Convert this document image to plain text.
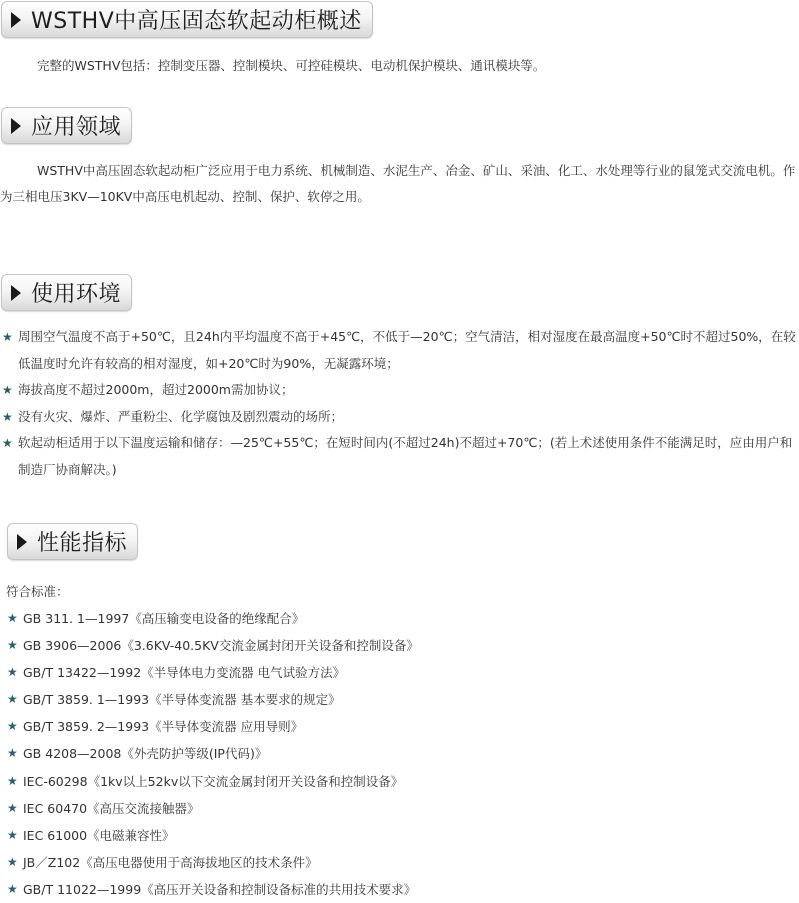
WSTHV中高压固态软起动柜概述

完整的WSTHV包括：控制变压器、控制模块、可控硅模块、电动机保护模块、通讯模块等。

应用领域

WSTHV中高压固态软起动柜广泛应用于电力系统、机械制造、水泥生产、冶金、矿山、采油、化工、水处理等行业的鼠笼式交流电机。作为三相电压3KV—10KV中高压电机起动、控制、保护、软停之用。

使用环境
★ 周围空气温度不高于+50℃，且24h内平均温度不高于+45℃，不低于—20℃；空气清洁，相对湿度在最高温度+50℃时不超过50%，在较低温度时允许有较高的相对湿度，如+20℃时为90%，无凝露环境；
★ 海拔高度不超过2000m，超过2000m需加协议；
★ 没有火灾、爆炸、严重粉尘、化学腐蚀及剧烈震动的场所；
★ 软起动柜适用于以下温度运输和储存：—25℃+55℃；在短时间内(不超过24h)不超过+70℃；(若上术述使用条件不能满足时，应由用户和制造厂协商解决。)
性能指标

符合标准：

★ GB 311. 1—1997《高压输变电设备的绝缘配合》
★ GB 3906—2006《3.6KV-40.5KV交流金属封闭开关设备和控制设备》
★ GB/T 13422—1992《半导体电力变流器 电气试验方法》
★ GB/T 3859. 1—1993《半导体变流器 基本要求的规定》
★ GB/T 3859. 2—1993《半导体变流器 应用导则》
★ GB 4208—2008《外壳防护等级(IP代码)》
★ IEC-60298《1kv以上52kv以下交流金属封闭开关设备和控制设备》
★ IEC 60470《高压交流接触器》
★ IEC 61000《电磁兼容性》
★ JB／Z102《高压电器使用于高海拔地区的技术条件》
★ GB/T 11022—1999《高压开关设备和控制设备标准的共用技术要求》
